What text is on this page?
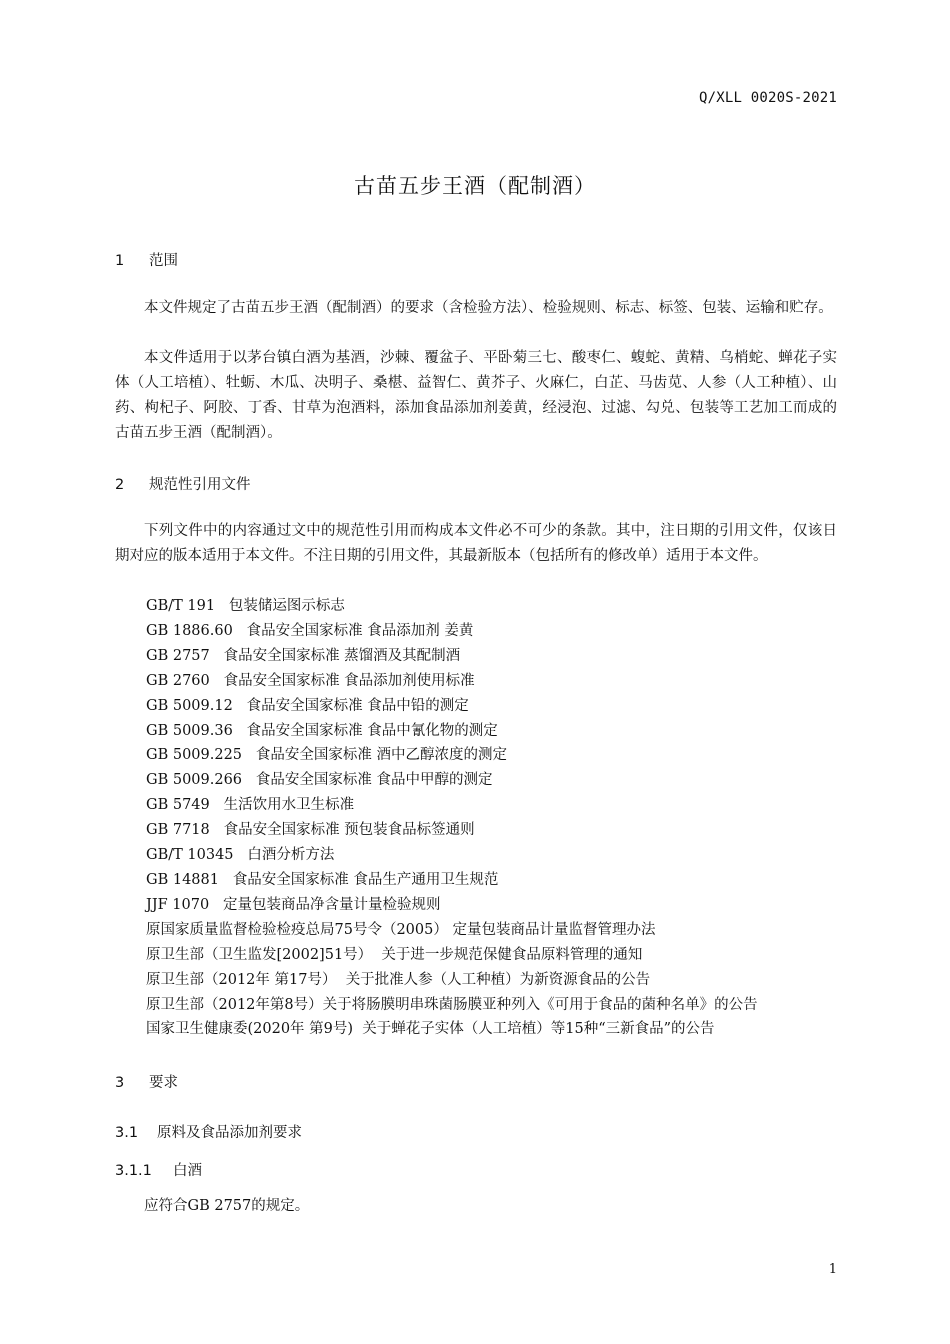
Q/XLL 0020S-2021
古苗五步王酒（配制酒）
1 范围
本文件规定了古苗五步王酒（配制酒）的要求（含检验方法）、检验规则、标志、标签、包装、运输和贮存。
本文件适用于以茅台镇白酒为基酒，沙棘、覆盆子、平卧菊三七、酸枣仁、蝮蛇、黄精、乌梢蛇、蝉花子实体（人工培植）、牡蛎、木瓜、决明子、桑椹、益智仁、黄芥子、火麻仁，白芷、马齿苋、人参（人工种植）、山药、枸杞子、阿胶、丁香、甘草为泡酒料，添加食品添加剂姜黄，经浸泡、过滤、勾兑、包装等工艺加工而成的古苗五步王酒（配制酒）。
2 规范性引用文件
下列文件中的内容通过文中的规范性引用而构成本文件必不可少的条款。其中，注日期的引用文件，仅该日期对应的版本适用于本文件。不注日期的引用文件，其最新版本（包括所有的修改单）适用于本文件。
GB/T 191 包装储运图示标志
GB 1886.60 食品安全国家标准 食品添加剂 姜黄
GB 2757 食品安全国家标准 蒸馏酒及其配制酒
GB 2760 食品安全国家标准 食品添加剂使用标准
GB 5009.12 食品安全国家标准 食品中铅的测定
GB 5009.36 食品安全国家标准 食品中氰化物的测定
GB 5009.225 食品安全国家标准 酒中乙醇浓度的测定
GB 5009.266 食品安全国家标准 食品中甲醇的测定
GB 5749 生活饮用水卫生标准
GB 7718 食品安全国家标准 预包装食品标签通则
GB/T 10345 白酒分析方法
GB 14881 食品安全国家标准 食品生产通用卫生规范
JJF 1070 定量包装商品净含量计量检验规则
原国家质量监督检验检疫总局75号令（2005） 定量包装商品计量监督管理办法
原卫生部（卫生监发[2002]51号） 关于进一步规范保健食品原料管理的通知
原卫生部（2012年 第17号） 关于批准人参（人工种植）为新资源食品的公告
原卫生部（2012年第8号）关于将肠膜明串珠菌肠膜亚种列入《可用于食品的菌种名单》的公告
国家卫生健康委(2020年 第9号) 关于蝉花子实体（人工培植）等15种“三新食品”的公告
3 要求
3.1 原料及食品添加剂要求
3.1.1 白酒
应符合GB 2757的规定。
1
